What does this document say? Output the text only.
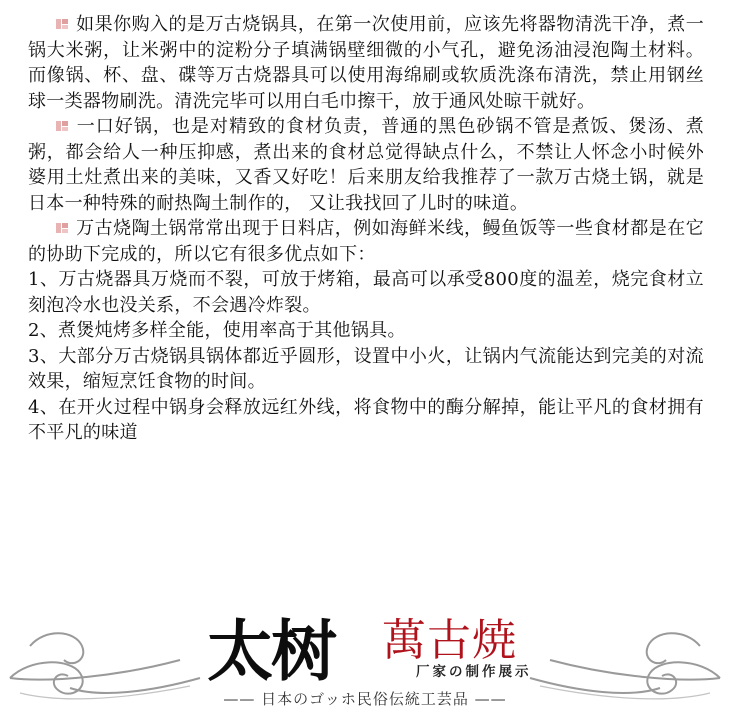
如果你购入的是万古烧锅具，在第一次使用前，应该先将器物清洗干净，煮一锅大米粥，让米粥中的淀粉分子填满锅壁细微的小气孔，避免汤油浸泡陶土材料。而像锅、杯、盘、碟等万古烧器具可以使用海绵刷或软质洗涤布清洗，禁止用钢丝球一类器物刷洗。清洗完毕可以用白毛巾擦干，放于通风处晾干就好。

一口好锅，也是对精致的食材负责，普通的黑色砂锅不管是煮饭、煲汤、煮粥，都会给人一种压抑感，煮出来的食材总觉得缺点什么，不禁让人怀念小时候外婆用土灶煮出来的美味，又香又好吃！后来朋友给我推荐了一款万古烧土锅，就是日本一种特殊的耐热陶土制作的， 又让我找回了儿时的味道。

万古烧陶土锅常常出现于日料店，例如海鲜米线，鳗鱼饭等一些食材都是在它的协助下完成的，所以它有很多优点如下：

1、万古烧器具万烧而不裂，可放于烤箱，最高可以承受800度的温差，烧完食材立刻泡冷水也没关系，不会遇冷炸裂。

2、煮煲炖烤多样全能，使用率高于其他锅具。

3、大部分万古烧锅具锅体都近乎圆形，设置中小火，让锅内气流能达到完美的对流效果，缩短烹饪食物的时间。

4、在开火过程中锅身会释放远红外线，将食物中的酶分解掉，能让平凡的食材拥有不平凡的味道

太树 萬古焼
厂家の制作展示
—— 日本のゴッホ民俗伝統工芸品 ——
